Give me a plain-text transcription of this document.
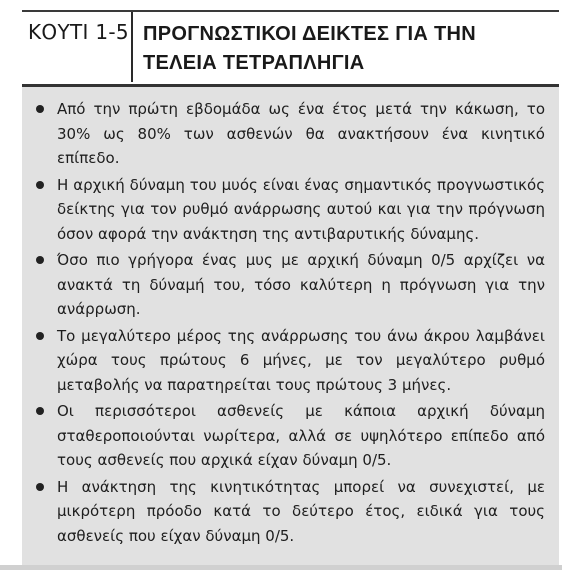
ΚΟΥΤΙ 1-5 ΠΡΟΓΝΩΣΤΙΚΟΙ ΔΕΙΚΤΕΣ ΓΙΑ ΤΗΝ ΤΕΛΕΙΑ ΤΕΤΡΑΠΛΗΓΙΑ
Από την πρώτη εβδομάδα ως ένα έτος μετά την κάκωση, το 30% ως 80% των ασθενών θα ανακτήσουν ένα κινητικό επίπεδο.
Η αρχική δύναμη του μυός είναι ένας σημαντικός προγνωστικός δείκτης για τον ρυθμό ανάρρωσης αυτού και για την πρόγνωση όσον αφορά την ανάκτηση της αντιβαρυτικής δύναμης.
Όσο πιο γρήγορα ένας μυς με αρχική δύναμη 0/5 αρχίζει να ανακτά τη δύναμή του, τόσο καλύτερη η πρόγνωση για την ανάρρωση.
Το μεγαλύτερο μέρος της ανάρρωσης του άνω άκρου λαμβάνει χώρα τους πρώτους 6 μήνες, με τον μεγαλύτερο ρυθμό μεταβολής να παρατηρείται τους πρώτους 3 μήνες.
Οι περισσότεροι ασθενείς με κάποια αρχική δύναμη σταθεροποιούνται νωρίτερα, αλλά σε υψηλότερο επίπεδο από τους ασθενείς που αρχικά είχαν δύναμη 0/5.
Η ανάκτηση της κινητικότητας μπορεί να συνεχιστεί, με μικρότερη πρόοδο κατά το δεύτερο έτος, ειδικά για τους ασθενείς που είχαν δύναμη 0/5.
